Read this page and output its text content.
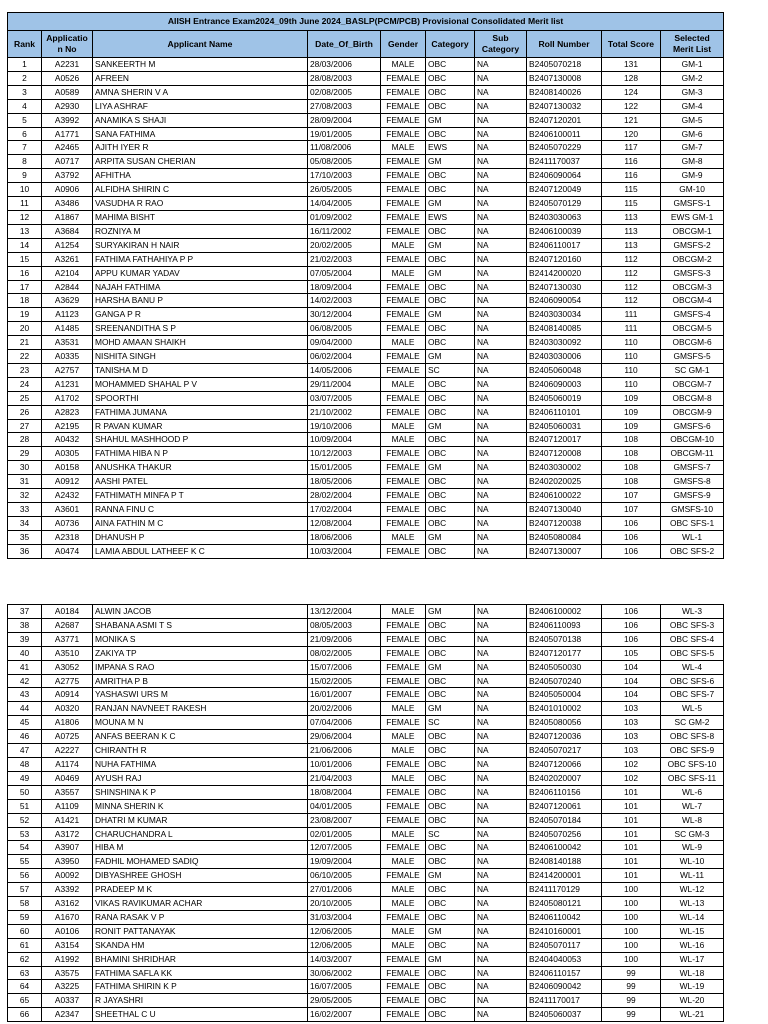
AIISH Entrance Exam2024_09th June 2024_BASLP(PCM/PCB) Provisional Consolidated Merit list									
Rank	Applicatio n No	Applicant Name	Date_Of_Birth	Gender	Category	Sub Category	Roll Number	Total Score	Selected Merit List
1	A2231	SANKEERTH M	28/03/2006	MALE	OBC	NA	B2405070218	131	GM-1
2	A0526	AFREEN	28/08/2003	FEMALE	OBC	NA	B2407130008	128	GM-2
3	A0589	AMNA SHERIN V A	02/08/2005	FEMALE	OBC	NA	B2408140026	124	GM-3
4	A2930	LIYA ASHRAF	27/08/2003	FEMALE	OBC	NA	B2407130032	122	GM-4
5	A3992	ANAMIKA S SHAJI	28/09/2004	FEMALE	GM	NA	B2407120201	121	GM-5
6	A1771	SANA FATHIMA	19/01/2005	FEMALE	OBC	NA	B2406100011	120	GM-6
7	A2465	AJITH IYER R	11/08/2006	MALE	EWS	NA	B2405070229	117	GM-7
8	A0717	ARPITA SUSAN CHERIAN	05/08/2005	FEMALE	GM	NA	B2411170037	116	GM-8
9	A3792	AFHITHA	17/10/2003	FEMALE	OBC	NA	B2406090064	116	GM-9
10	A0906	ALFIDHA SHIRIN C	26/05/2005	FEMALE	OBC	NA	B2407120049	115	GM-10
11	A3486	VASUDHA R RAO	14/04/2005	FEMALE	GM	NA	B2405070129	115	GMSFS-1
12	A1867	MAHIMA BISHT	01/09/2002	FEMALE	EWS	NA	B2403030063	113	EWS GM-1
13	A3684	ROZNIYA M	16/11/2002	FEMALE	OBC	NA	B2406100039	113	OBCGM-1
14	A1254	SURYAKIRAN H NAIR	20/02/2005	MALE	GM	NA	B2406110017	113	GMSFS-2
15	A3261	FATHIMA FATHAHIYA P P	21/02/2003	FEMALE	OBC	NA	B2407120160	112	OBCGM-2
16	A2104	APPU KUMAR YADAV	07/05/2004	MALE	GM	NA	B2414200020	112	GMSFS-3
17	A2844	NAJAH FATHIMA	18/09/2004	FEMALE	OBC	NA	B2407130030	112	OBCGM-3
18	A3629	HARSHA BANU P	14/02/2003	FEMALE	OBC	NA	B2406090054	112	OBCGM-4
19	A1123	GANGA P R	30/12/2004	FEMALE	GM	NA	B2403030034	111	GMSFS-4
20	A1485	SREENANDITHA S P	06/08/2005	FEMALE	OBC	NA	B2408140085	111	OBCGM-5
21	A3531	MOHD AMAAN SHAIKH	09/04/2000	MALE	OBC	NA	B2403030092	110	OBCGM-6
22	A0335	NISHITA SINGH	06/02/2004	FEMALE	GM	NA	B2403030006	110	GMSFS-5
23	A2757	TANISHA M D	14/05/2006	FEMALE	SC	NA	B2405060048	110	SC GM-1
24	A1231	MOHAMMED SHAHAL P V	29/11/2004	MALE	OBC	NA	B2406090003	110	OBCGM-7
25	A1702	SPOORTHI	03/07/2005	FEMALE	OBC	NA	B2405060019	109	OBCGM-8
26	A2823	FATHIMA JUMANA	21/10/2002	FEMALE	OBC	NA	B2406110101	109	OBCGM-9
27	A2195	R PAVAN KUMAR	19/10/2006	MALE	GM	NA	B2405060031	109	GMSFS-6
28	A0432	SHAHUL MASHHOOD P	10/09/2004	MALE	OBC	NA	B2407120017	108	OBCGM-10
29	A0305	FATHIMA HIBA N P	10/12/2003	FEMALE	OBC	NA	B2407120008	108	OBCGM-11
30	A0158	ANUSHKA THAKUR	15/01/2005	FEMALE	GM	NA	B2403030002	108	GMSFS-7
31	A0912	AASHI PATEL	18/05/2006	FEMALE	OBC	NA	B2402020025	108	GMSFS-8
32	A2432	FATHIMATH MINFA P T	28/02/2004	FEMALE	OBC	NA	B2406100022	107	GMSFS-9
33	A3601	RANNA FINU C	17/02/2004	FEMALE	OBC	NA	B2407130040	107	GMSFS-10
34	A0736	AINA FATHIN M C	12/08/2004	FEMALE	OBC	NA	B2407120038	106	OBC SFS-1
35	A2318	DHANUSH P	18/06/2006	MALE	GM	NA	B2405080084	106	WL-1
36	A0474	LAMIA ABDUL LATHEEF K C	10/03/2004	FEMALE	OBC	NA	B2407130007	106	OBC SFS-2
37	A0184	ALWIN JACOB	13/12/2004	MALE	GM	NA	B2406100002	106	WL-3
38	A2687	SHABANA ASMI T S	08/05/2003	FEMALE	OBC	NA	B2406110093	106	OBC SFS-3
39	A3771	MONIKA S	21/09/2006	FEMALE	OBC	NA	B2405070138	106	OBC SFS-4
40	A3510	ZAKIYA TP	08/02/2005	FEMALE	OBC	NA	B2407120177	105	OBC SFS-5
41	A3052	IMPANA S RAO	15/07/2006	FEMALE	GM	NA	B2405050030	104	WL-4
42	A2775	AMRITHA P B	15/02/2005	FEMALE	OBC	NA	B2405070240	104	OBC SFS-6
43	A0914	YASHASWI URS M	16/01/2007	FEMALE	OBC	NA	B2405050004	104	OBC SFS-7
44	A0320	RANJAN NAVNEET RAKESH	20/02/2006	MALE	GM	NA	B2401010002	103	WL-5
45	A1806	MOUNA M N	07/04/2006	FEMALE	SC	NA	B2405080056	103	SC GM-2
46	A0725	ANFAS BEERAN K C	29/06/2004	MALE	OBC	NA	B2407120036	103	OBC SFS-8
47	A2227	CHIRANTH R	21/06/2006	MALE	OBC	NA	B2405070217	103	OBC SFS-9
48	A1174	NUHA FATHIMA	10/01/2006	FEMALE	OBC	NA	B2407120066	102	OBC SFS-10
49	A0469	AYUSH RAJ	21/04/2003	MALE	OBC	NA	B2402020007	102	OBC SFS-11
50	A3557	SHINSHINA K P	18/08/2004	FEMALE	OBC	NA	B2406110156	101	WL-6
51	A1109	MINNA SHERIN K	04/01/2005	FEMALE	OBC	NA	B2407120061	101	WL-7
52	A1421	DHATRI M KUMAR	23/08/2007	FEMALE	OBC	NA	B2405070184	101	WL-8
53	A3172	CHARUCHANDRA L	02/01/2005	MALE	SC	NA	B2405070256	101	SC GM-3
54	A3907	HIBA M	12/07/2005	FEMALE	OBC	NA	B2406100042	101	WL-9
55	A3950	FADHIL MOHAMED SADIQ	19/09/2004	MALE	OBC	NA	B2408140188	101	WL-10
56	A0092	DIBYASHREE GHOSH	06/10/2005	FEMALE	GM	NA	B2414200001	101	WL-11
57	A3392	PRADEEP M K	27/01/2006	MALE	OBC	NA	B2411170129	100	WL-12
58	A3162	VIKAS RAVIKUMAR ACHAR	20/10/2005	MALE	OBC	NA	B2405080121	100	WL-13
59	A1670	RANA RASAK V P	31/03/2004	FEMALE	OBC	NA	B2406110042	100	WL-14
60	A0106	RONIT PATTANAYAK	12/06/2005	MALE	GM	NA	B2410160001	100	WL-15
61	A3154	SKANDA HM	12/06/2005	MALE	OBC	NA	B2405070117	100	WL-16
62	A1992	BHAMINI SHRIDHAR	14/03/2007	FEMALE	GM	NA	B2404040053	100	WL-17
63	A3575	FATHIMA SAFLA KK	30/06/2002	FEMALE	OBC	NA	B2406110157	99	WL-18
64	A3225	FATHIMA SHIRIN K P	16/07/2005	FEMALE	OBC	NA	B2406090042	99	WL-19
65	A0337	R JAYASHRI	29/05/2005	FEMALE	OBC	NA	B2411170017	99	WL-20
66	A2347	SHEETHAL C U	16/02/2007	FEMALE	OBC	NA	B2405060037	99	WL-21
